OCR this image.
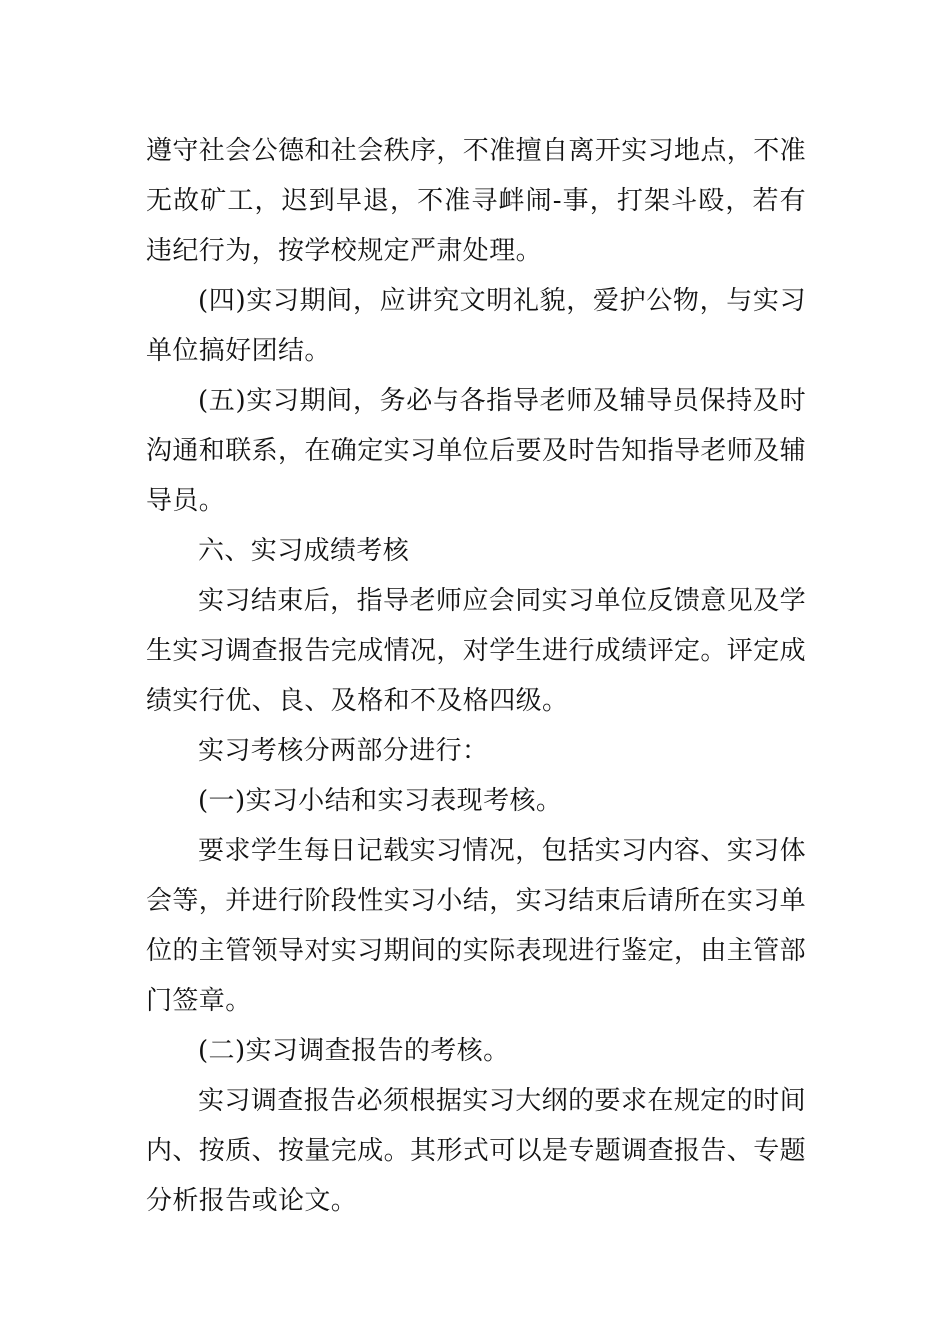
遵守社会公德和社会秩序，不准擅自离开实习地点，不准无故矿工，迟到早退，不准寻衅闹-事，打架斗殴，若有违纪行为，按学校规定严肃处理。

(四)实习期间，应讲究文明礼貌，爱护公物，与实习单位搞好团结。

(五)实习期间，务必与各指导老师及辅导员保持及时沟通和联系，在确定实习单位后要及时告知指导老师及辅导员。

六、实习成绩考核

实习结束后，指导老师应会同实习单位反馈意见及学生实习调查报告完成情况，对学生进行成绩评定。评定成绩实行优、良、及格和不及格四级。

实习考核分两部分进行：

(一)实习小结和实习表现考核。

要求学生每日记载实习情况，包括实习内容、实习体会等，并进行阶段性实习小结，实习结束后请所在实习单位的主管领导对实习期间的实际表现进行鉴定，由主管部门签章。

(二)实习调查报告的考核。

实习调查报告必须根据实习大纲的要求在规定的时间内、按质、按量完成。其形式可以是专题调查报告、专题分析报告或论文。
